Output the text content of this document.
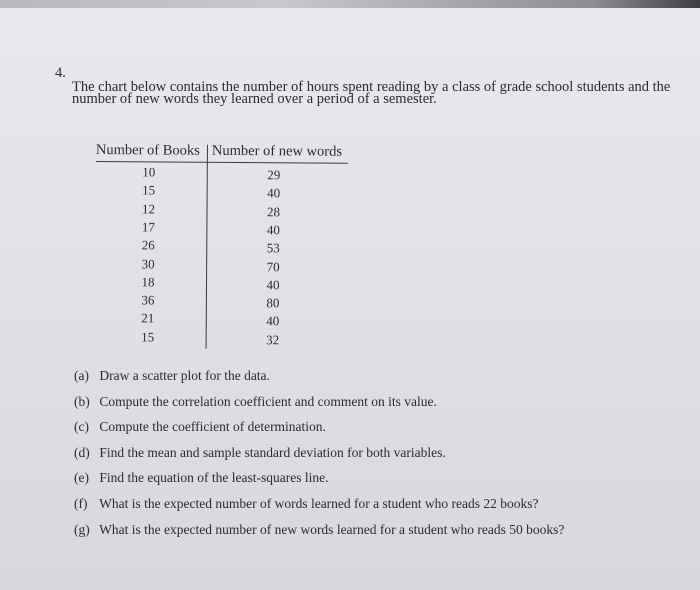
4.
The chart below contains the number of hours spent reading by a class of grade school students and the
number of new words they learned over a period of a semester.
Number of Books Number of new words
10	29
15	40
12	28
17	40
26	53
30	70
18	40
36	80
21	40
15	32
(a) Draw a scatter plot for the data.
(b) Compute the correlation coefficient and comment on its value.
(c) Compute the coefficient of determination.
(d) Find the mean and sample standard deviation for both variables.
(e) Find the equation of the least-squares line.
(f) What is the expected number of words learned for a student who reads 22 books?
(g) What is the expected number of new words learned for a student who reads 50 books?
